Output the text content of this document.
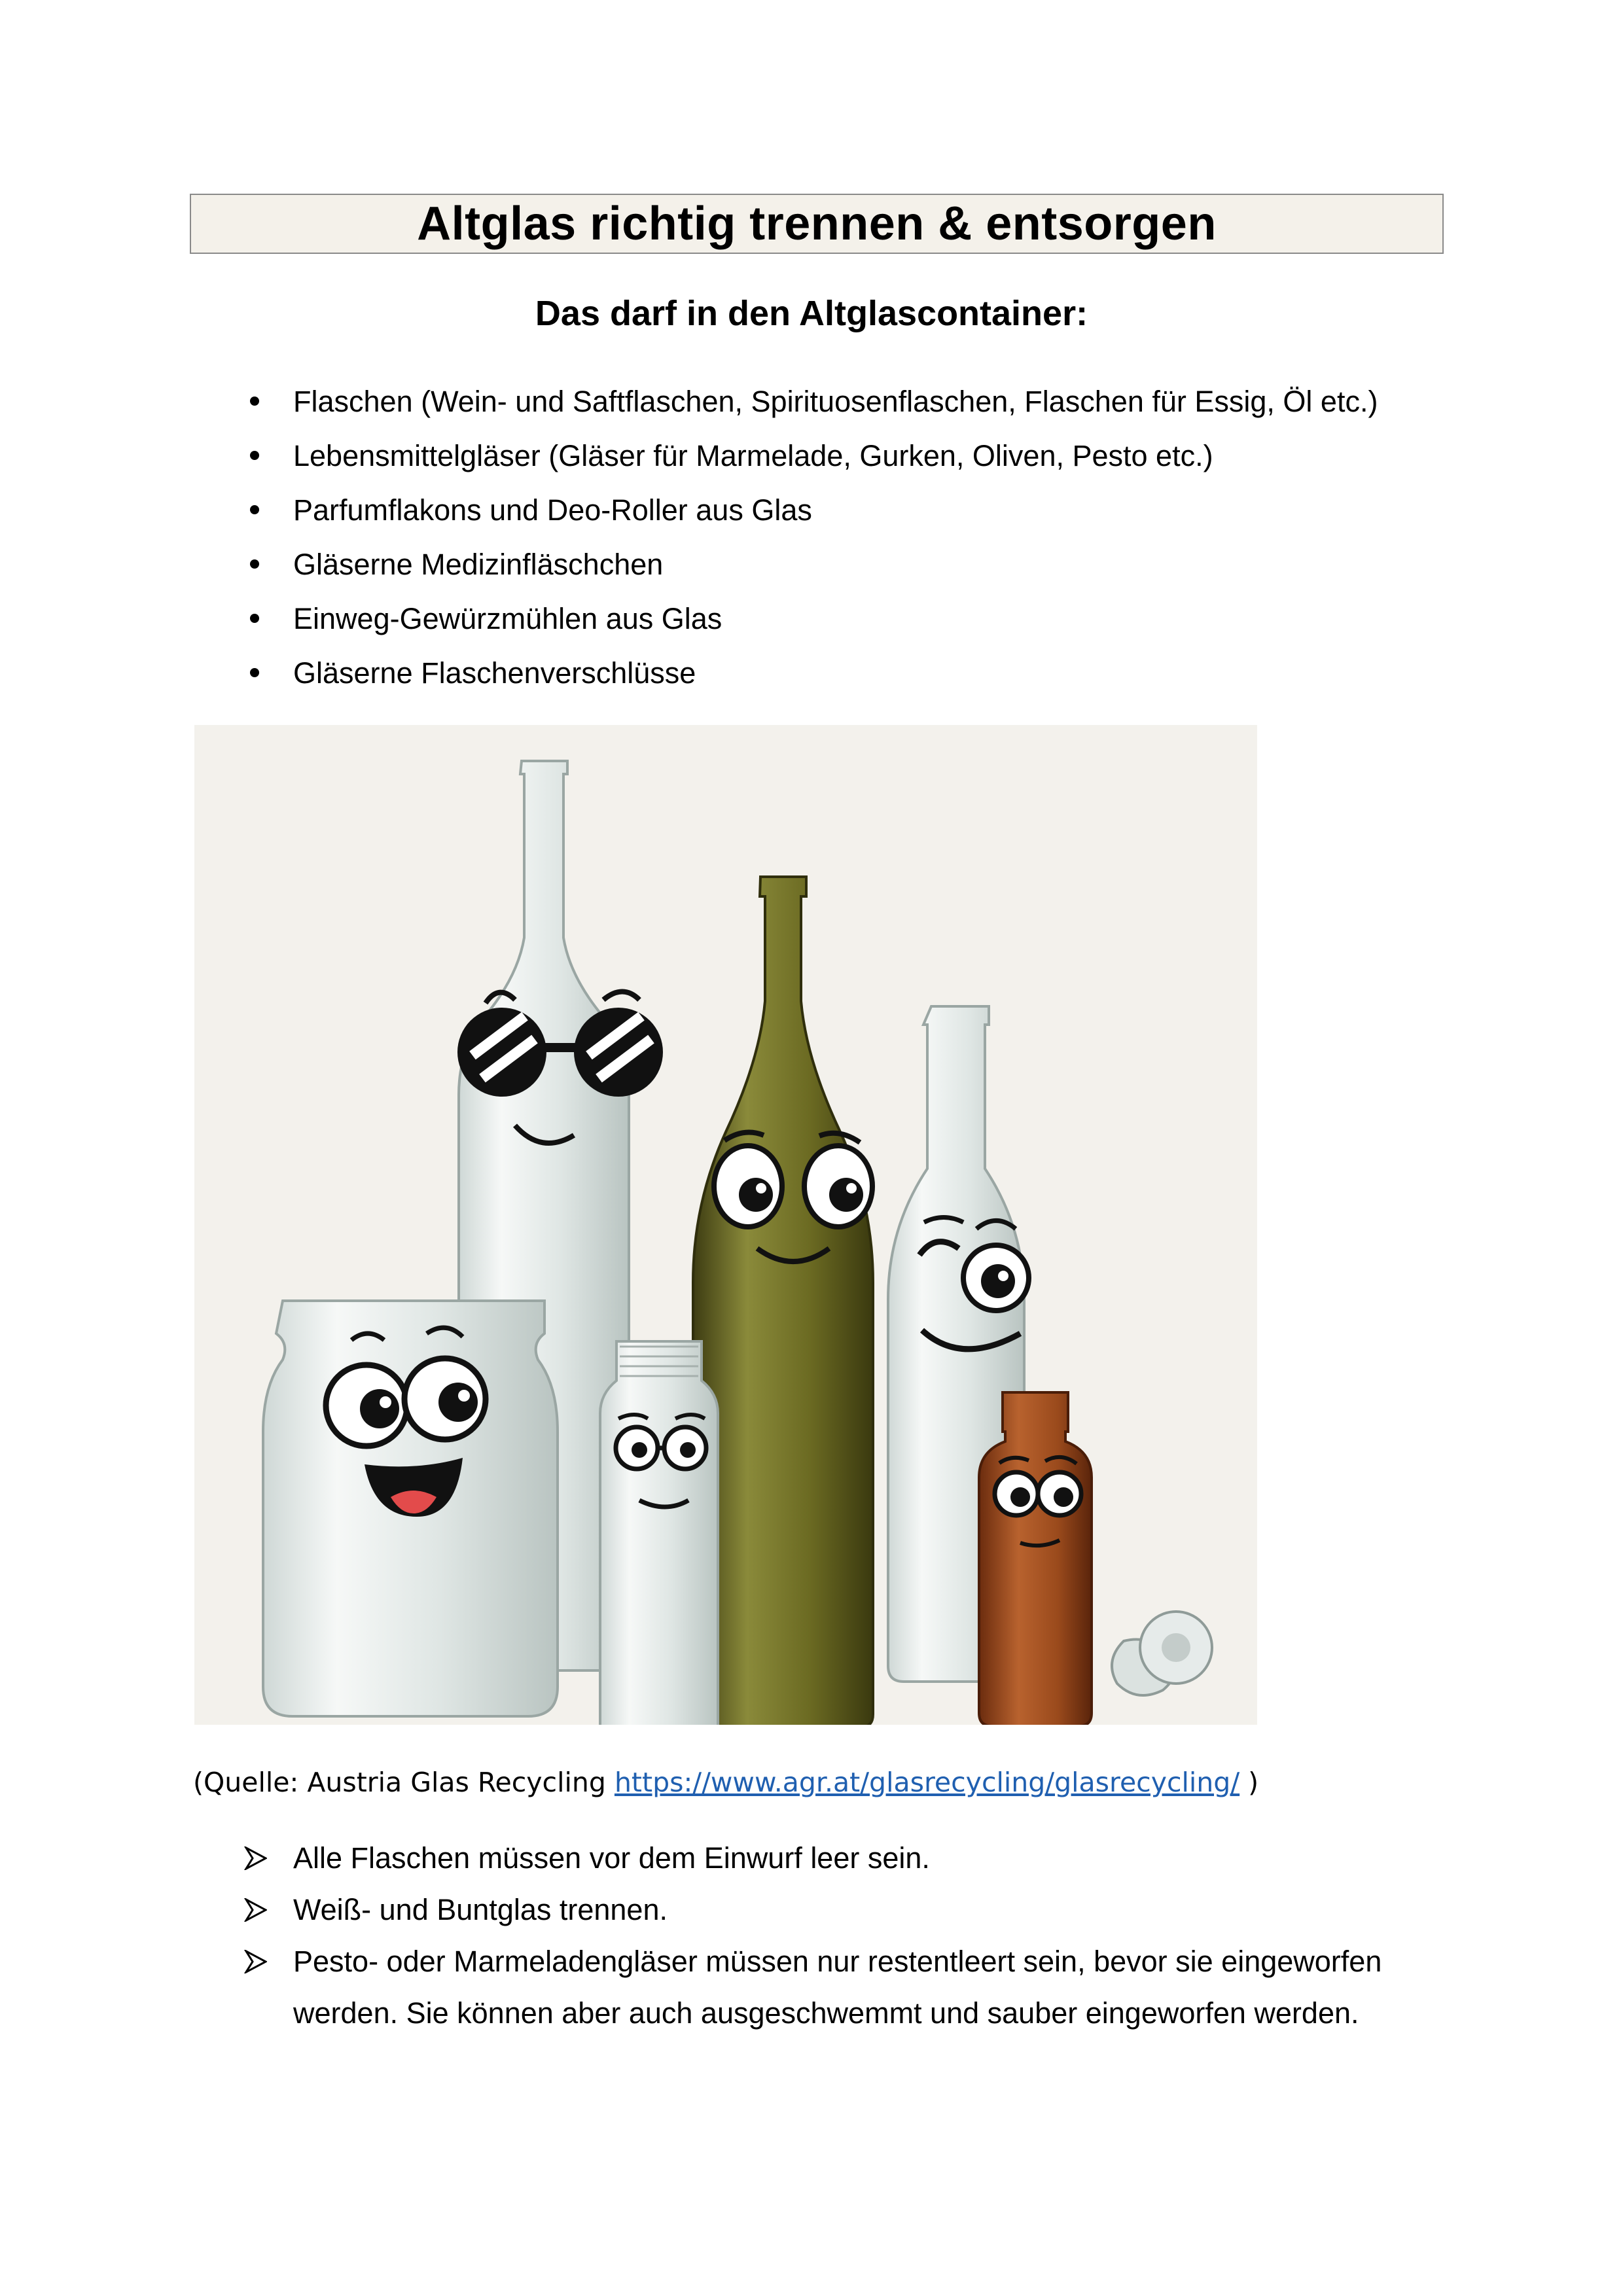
Altglas richtig trennen & entsorgen
Das darf in den Altglascontainer:
Flaschen (Wein- und Saftflaschen, Spirituosenflaschen, Flaschen für Essig, Öl etc.)
Lebensmittelgläser (Gläser für Marmelade, Gurken, Oliven, Pesto etc.)
Parfumflakons und Deo-Roller aus Glas
Gläserne Medizinfläschchen
Einweg-Gewürzmühlen aus Glas
Gläserne Flaschenverschlüsse
(Quelle: Austria Glas Recycling https://www.agr.at/glasrecycling/glasrecycling/ )
Alle Flaschen müssen vor dem Einwurf leer sein.
Weiß- und Buntglas trennen.
Pesto- oder Marmeladengläser müssen nur restentleert sein, bevor sie eingeworfen werden. Sie können aber auch ausgeschwemmt und sauber eingeworfen werden.
